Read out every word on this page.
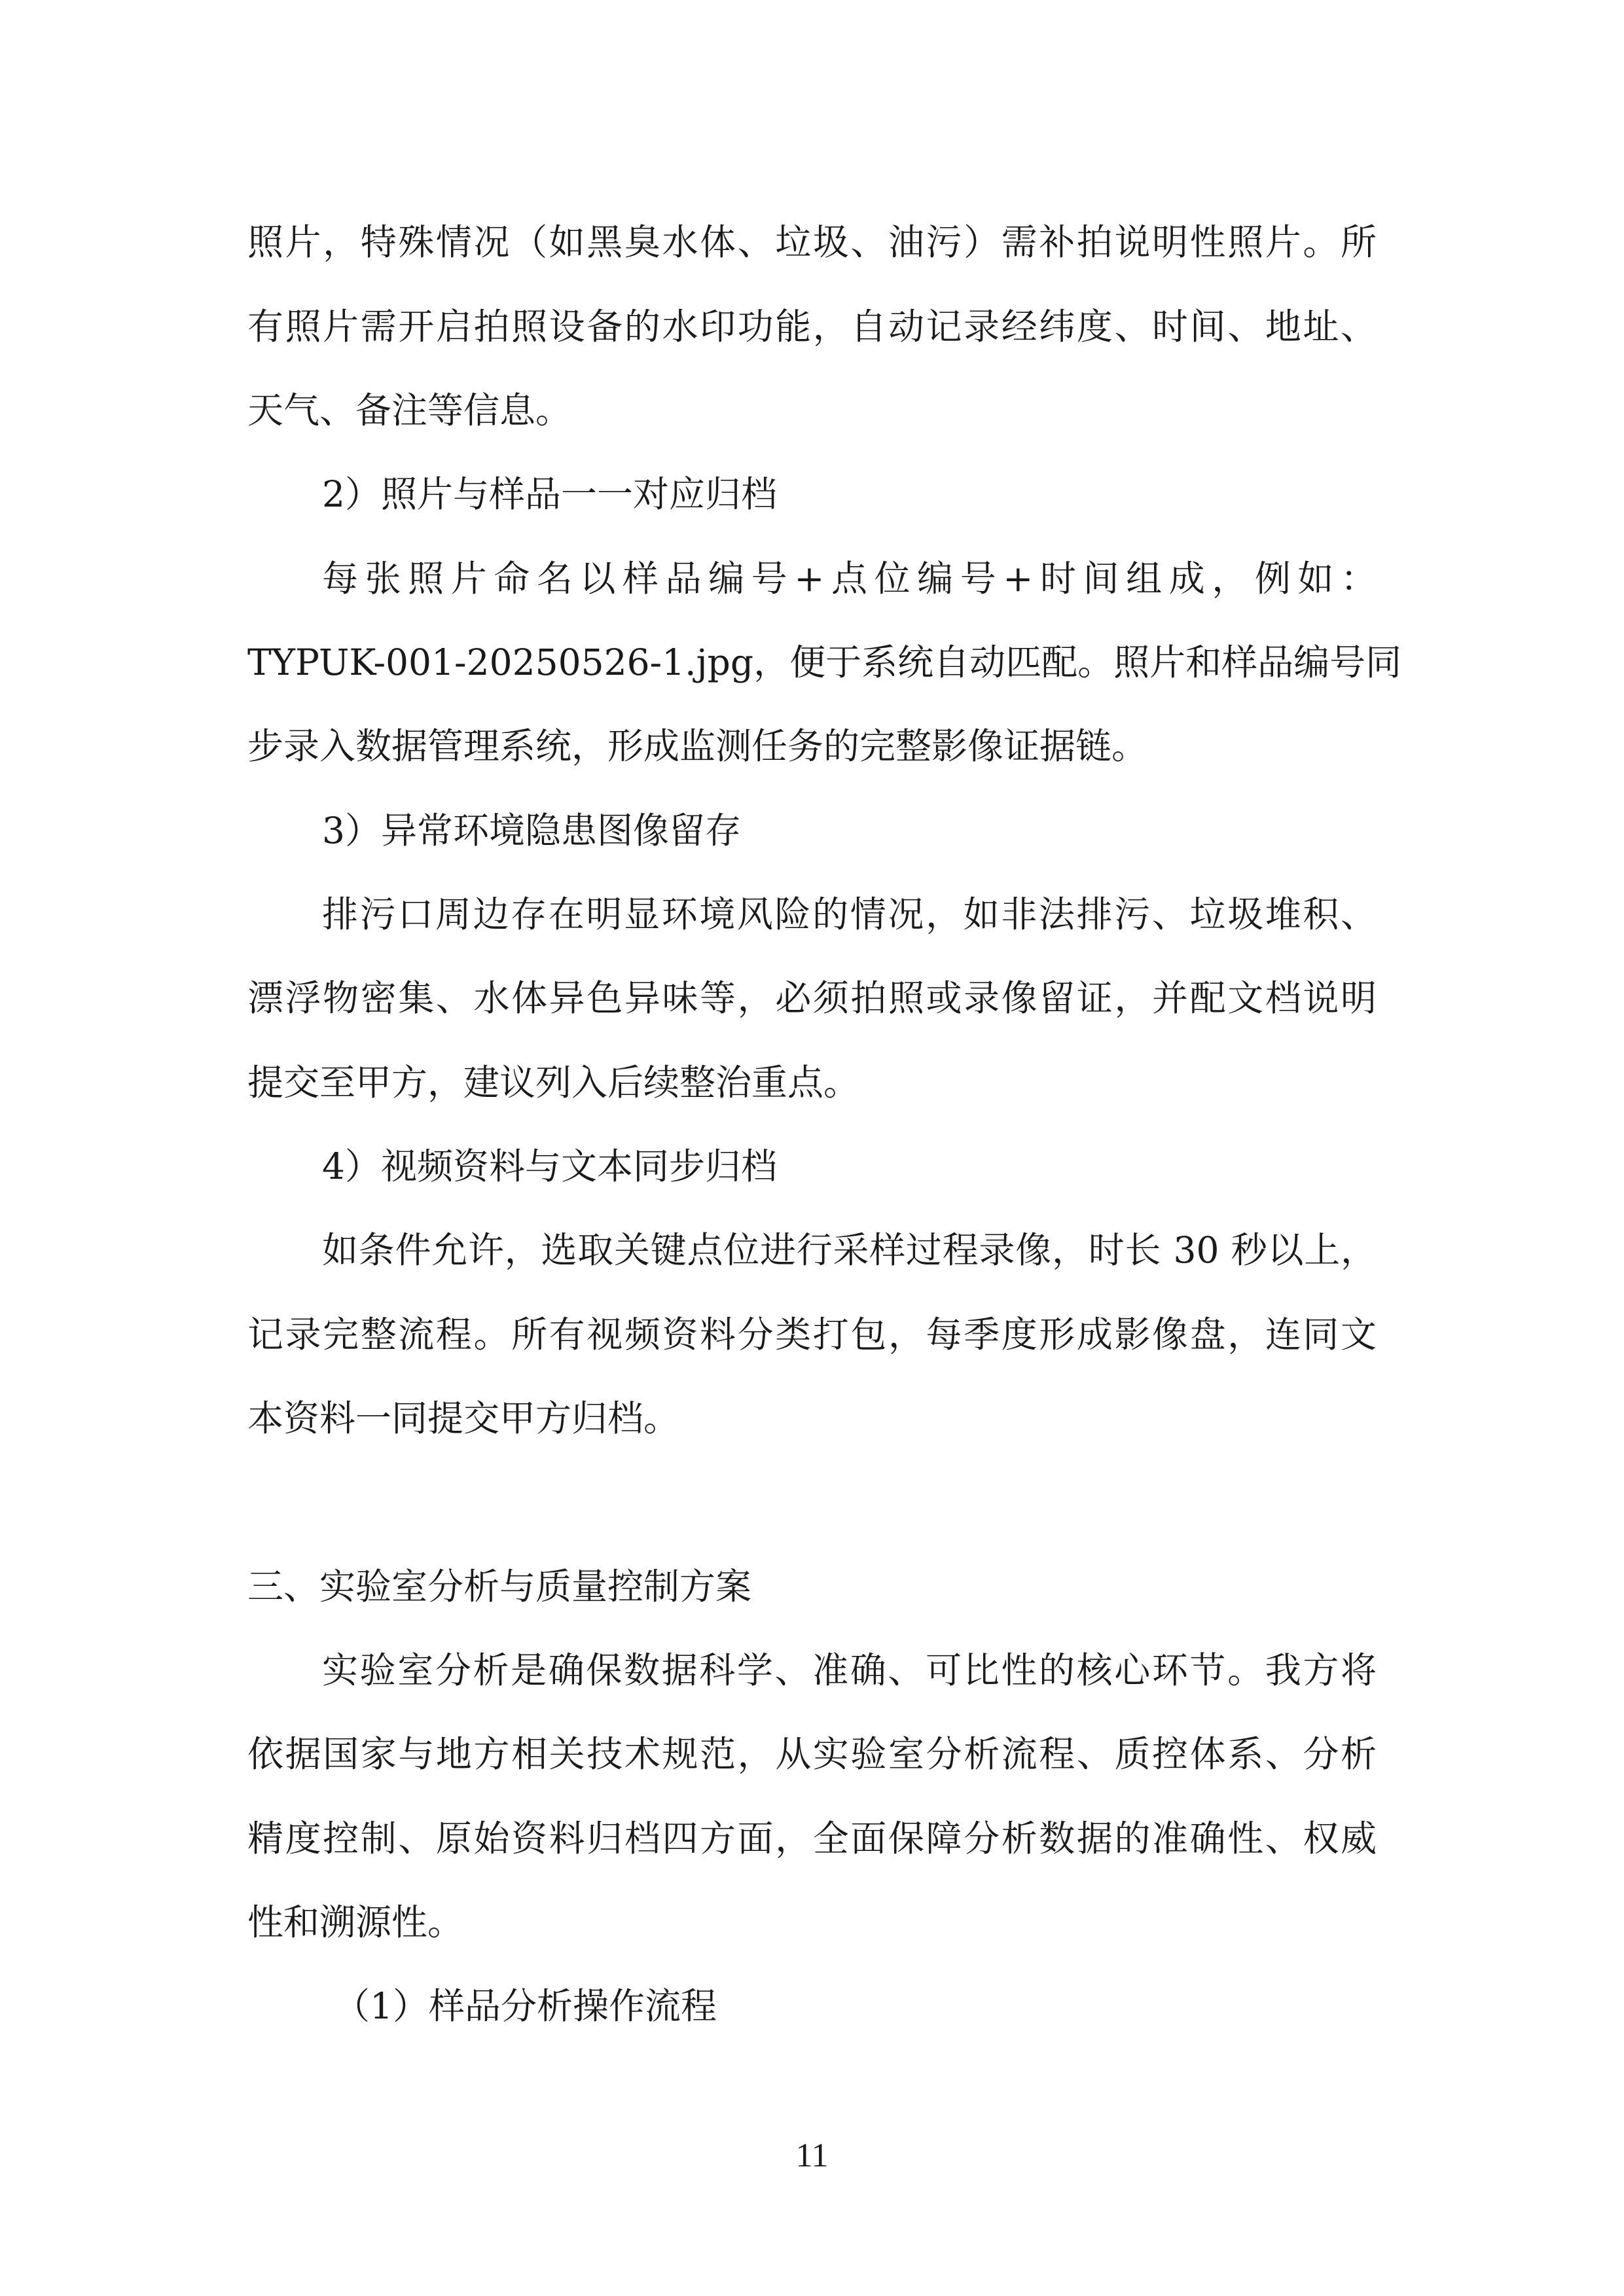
照片，特殊情况（如黑臭水体、垃圾、油污）需补拍说明性照片。所
有照片需开启拍照设备的水印功能，自动记录经纬度、时间、地址、
天气、备注等信息。
2）照片与样品一一对应归档
每张照片命名以样品编号+点位编号+时间组成，例如：
TYPUK-001-20250526-1.jpg，便于系统自动匹配。照片和样品编号同
步录入数据管理系统，形成监测任务的完整影像证据链。
3）异常环境隐患图像留存
排污口周边存在明显环境风险的情况，如非法排污、垃圾堆积、
漂浮物密集、水体异色异味等，必须拍照或录像留证，并配文档说明
提交至甲方，建议列入后续整治重点。
4）视频资料与文本同步归档
如条件允许，选取关键点位进行采样过程录像，时长 30 秒以上，
记录完整流程。所有视频资料分类打包，每季度形成影像盘，连同文
本资料一同提交甲方归档。
三、实验室分析与质量控制方案
实验室分析是确保数据科学、准确、可比性的核心环节。我方将
依据国家与地方相关技术规范，从实验室分析流程、质控体系、分析
精度控制、原始资料归档四方面，全面保障分析数据的准确性、权威
性和溯源性。
（1）样品分析操作流程
11
